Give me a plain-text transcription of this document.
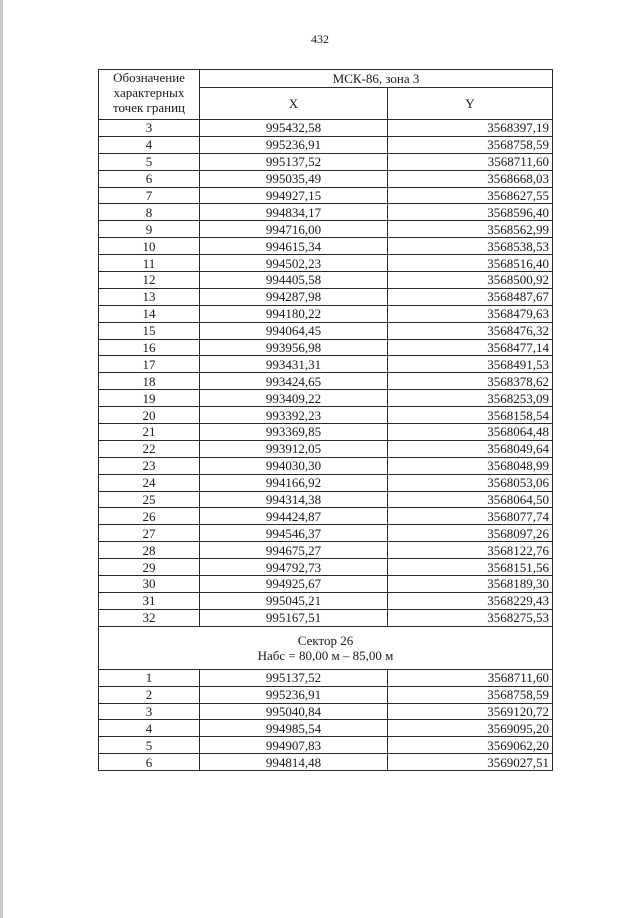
432
Обозначение
характерных
точек границ	МСК-86, зона 3	
	X	Y
3	995432,58	3568397,19
4	995236,91	3568758,59
5	995137,52	3568711,60
6	995035,49	3568668,03
7	994927,15	3568627,55
8	994834,17	3568596,40
9	994716,00	3568562,99
10	994615,34	3568538,53
11	994502,23	3568516,40
12	994405,58	3568500,92
13	994287,98	3568487,67
14	994180,22	3568479,63
15	994064,45	3568476,32
16	993956,98	3568477,14
17	993431,31	3568491,53
18	993424,65	3568378,62
19	993409,22	3568253,09
20	993392,23	3568158,54
21	993369,85	3568064,48
22	993912,05	3568049,64
23	994030,30	3568048,99
24	994166,92	3568053,06
25	994314,38	3568064,50
26	994424,87	3568077,74
27	994546,37	3568097,26
28	994675,27	3568122,76
29	994792,73	3568151,56
30	994925,67	3568189,30
31	995045,21	3568229,43
32	995167,51	3568275,53

Сектор 26
Набс = 80,00 м – 85,00 м		

1	995137,52	3568711,60
2	995236,91	3568758,59
3	995040,84	3569120,72
4	994985,54	3569095,20
5	994907,83	3569062,20
6	994814,48	3569027,51
